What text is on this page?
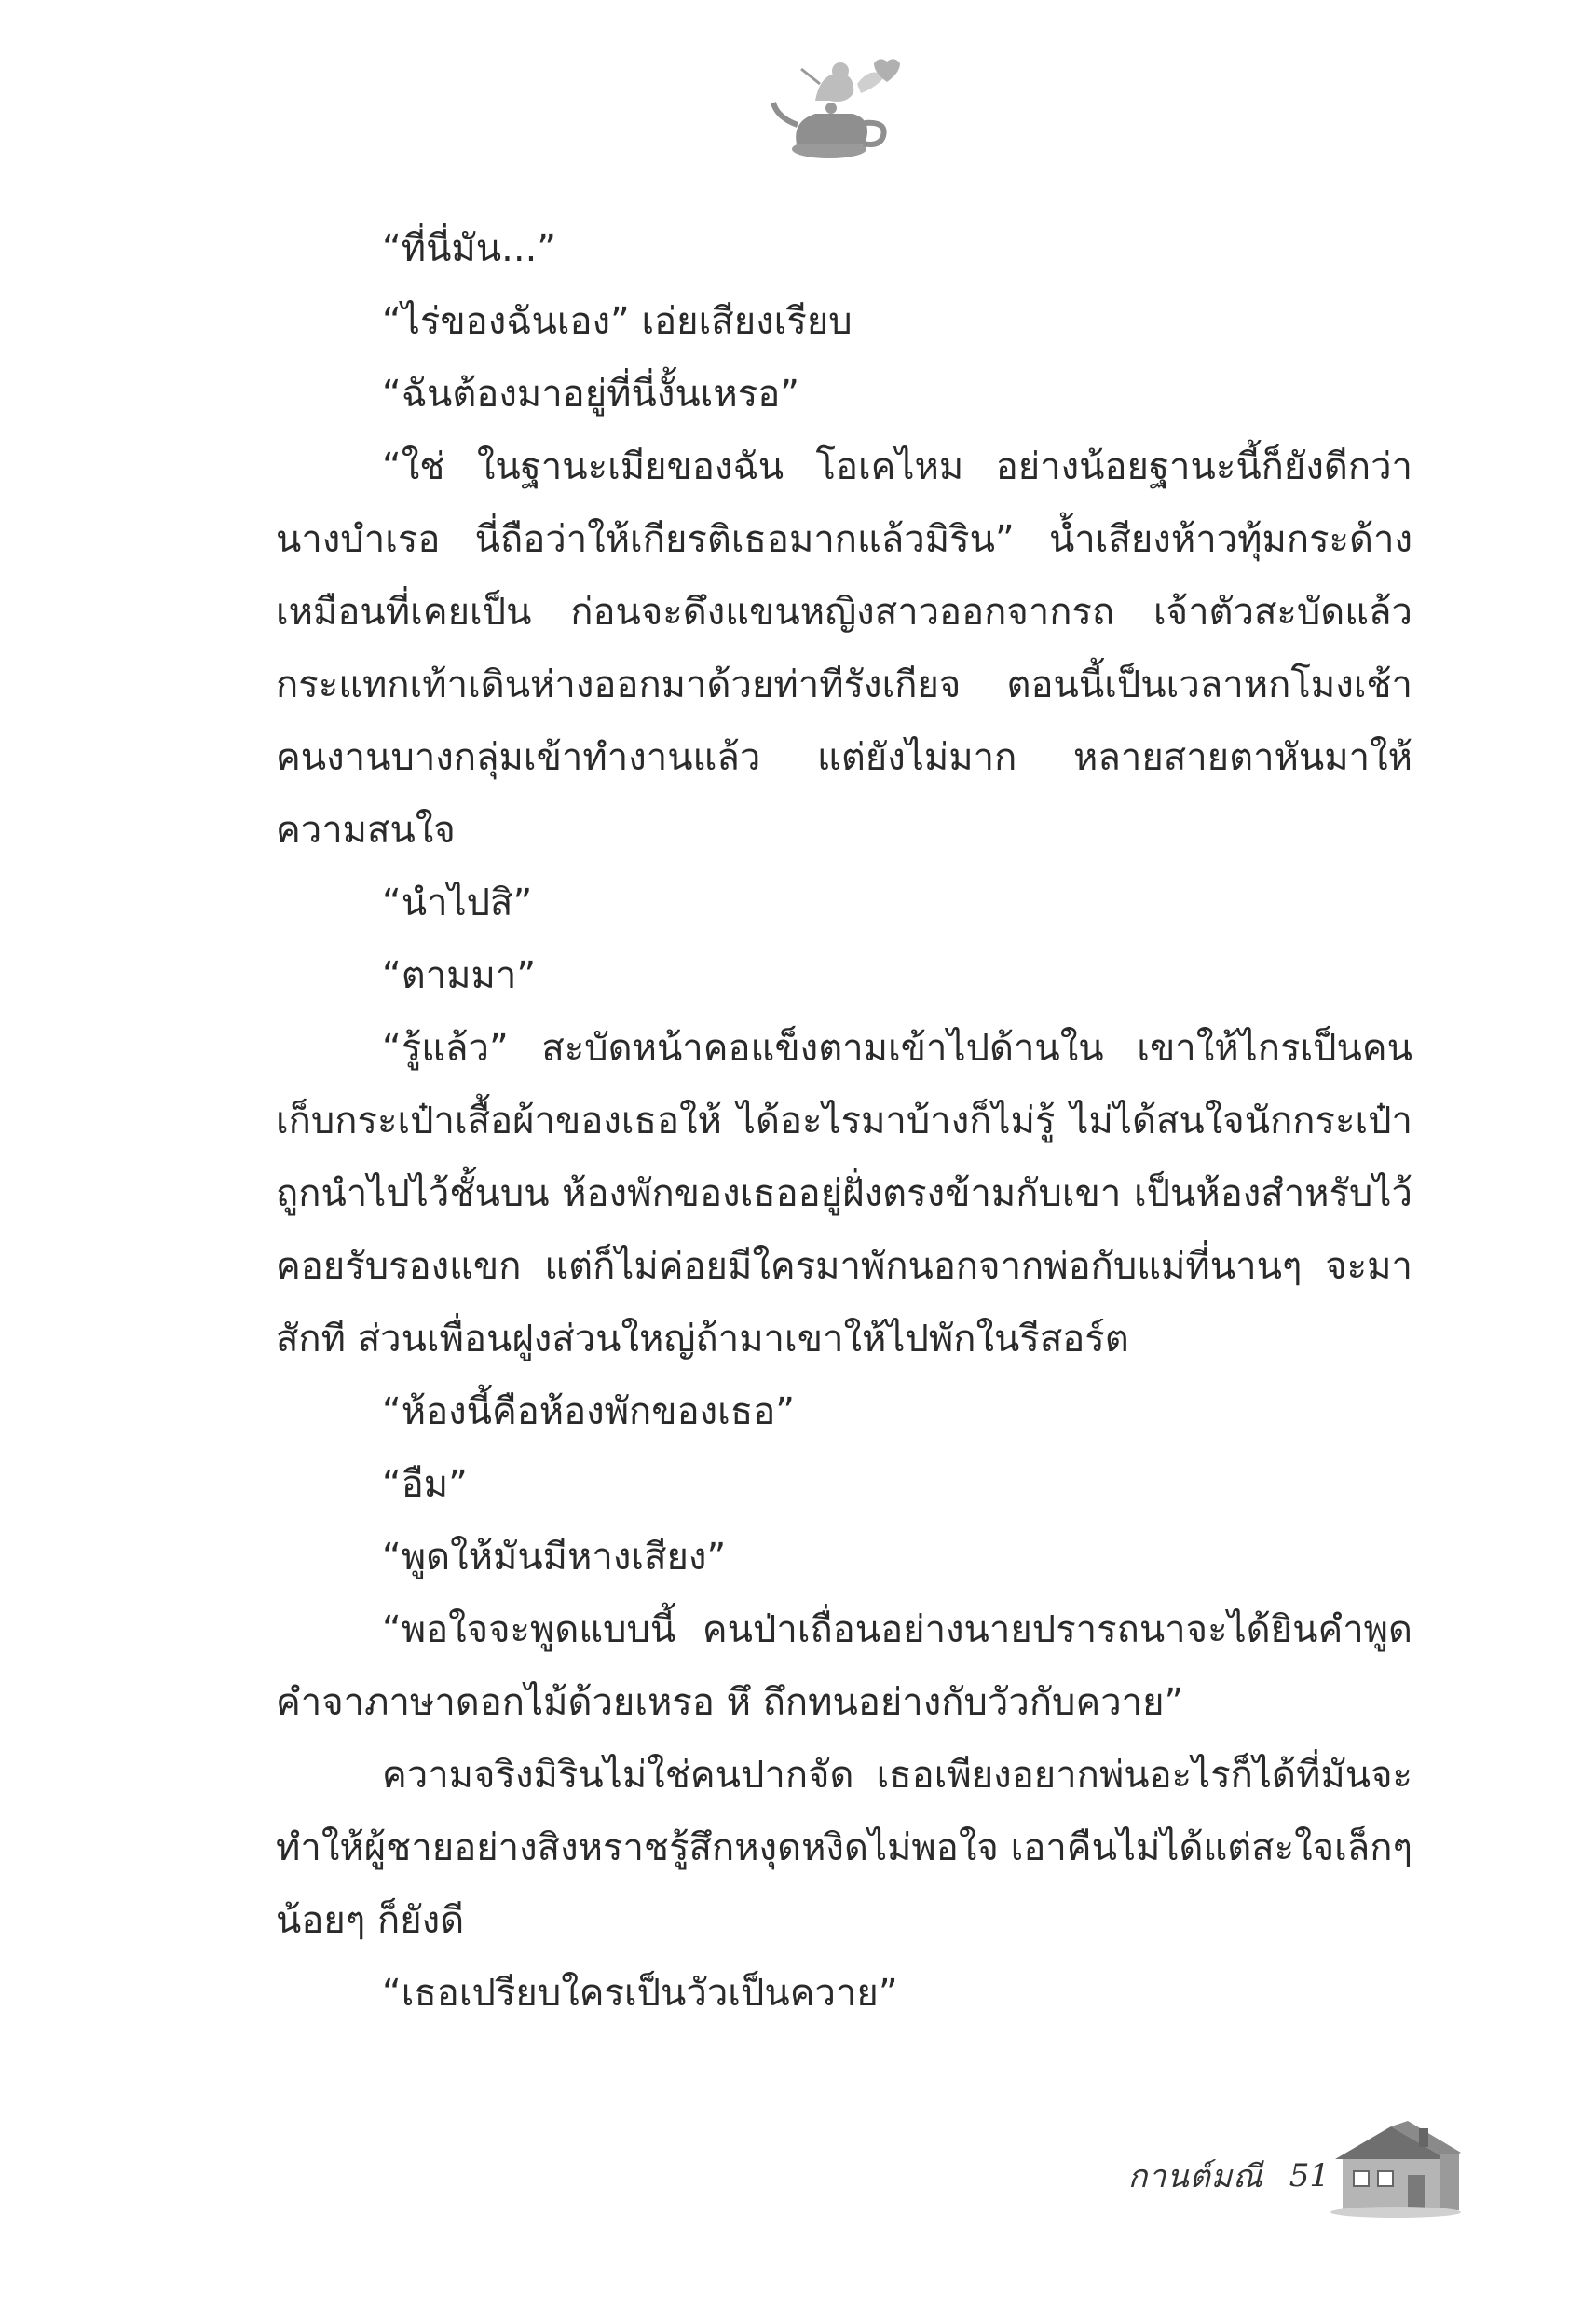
“ที่นี่มัน...”

“ไร่ของฉันเอง” เอ่ยเสียงเรียบ

“ฉันต้องมาอยู่ที่นี่งั้นเหรอ”

“ใช่ ในฐานะเมียของฉัน โอเคไหม อย่างน้อยฐานะนี้ก็ยังดีกว่านางบำเรอ นี่ถือว่าให้เกียรติเธอมากแล้วมิริน” น้ำเสียงห้าวทุ้มกระด้างเหมือนที่เคยเป็น ก่อนจะดึงแขนหญิงสาวออกจากรถ เจ้าตัวสะบัดแล้วกระแทกเท้าเดินห่างออกมาด้วยท่าทีรังเกียจ ตอนนี้เป็นเวลาหกโมงเช้า คนงานบางกลุ่มเข้าทำงานแล้ว แต่ยังไม่มาก หลายสายตาหันมาให้ความสนใจ

“นำไปสิ”

“ตามมา”

“รู้แล้ว” สะบัดหน้าคอแข็งตามเข้าไปด้านใน เขาให้ไกรเป็นคนเก็บกระเป๋าเสื้อผ้าของเธอให้ ได้อะไรมาบ้างก็ไม่รู้ ไม่ได้สนใจนักกระเป๋าถูกนำไปไว้ชั้นบน ห้องพักของเธออยู่ฝั่งตรงข้ามกับเขา เป็นห้องสำหรับไว้คอยรับรองแขก แต่ก็ไม่ค่อยมีใครมาพักนอกจากพ่อกับแม่ที่นานๆ จะมาสักที ส่วนเพื่อนฝูงส่วนใหญ่ถ้ามาเขาให้ไปพักในรีสอร์ต

“ห้องนี้คือห้องพักของเธอ”

“อืม”

“พูดให้มันมีหางเสียง”

“พอใจจะพูดแบบนี้ คนป่าเถื่อนอย่างนายปรารถนาจะได้ยินคำพูดคำจาภาษาดอกไม้ด้วยเหรอ หึ ถึกทนอย่างกับวัวกับควาย”

ความจริงมิรินไม่ใช่คนปากจัด เธอเพียงอยากพ่นอะไรก็ได้ที่มันจะทำให้ผู้ชายอย่างสิงหราชรู้สึกหงุดหงิดไม่พอใจ เอาคืนไม่ได้แต่สะใจเล็กๆ น้อยๆ ก็ยังดี

“เธอเปรียบใครเป็นวัวเป็นควาย”

กานต์มณี 51
